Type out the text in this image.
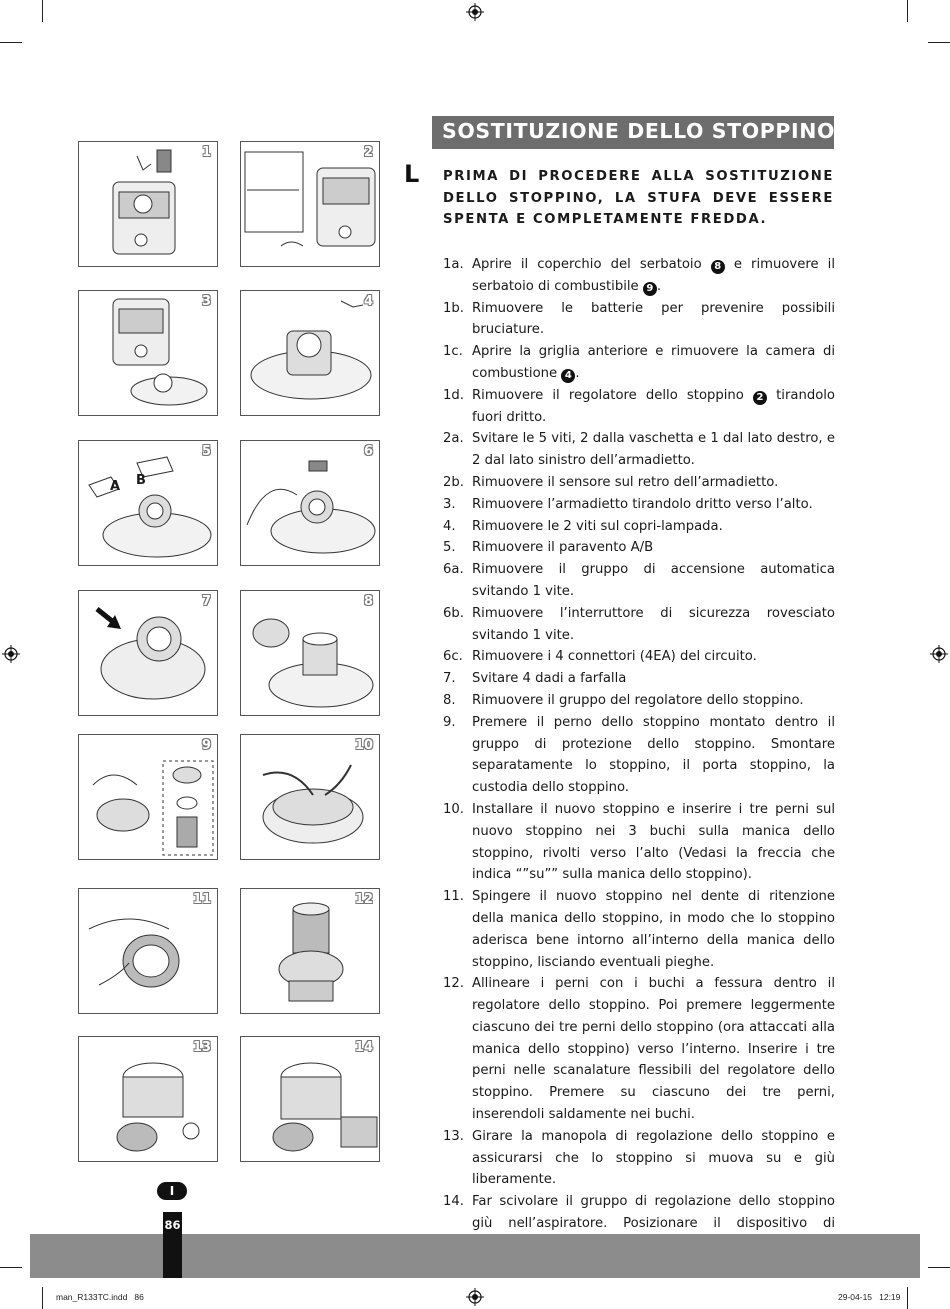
1	2
3	4
A B
5	6
7	8
9	10
11	12
13	14
SOSTITUZIONE DELLO STOPPINO
L PRIMA DI PROCEDERE ALLA SOSTITUZIONE DELLO STOPPINO, LA STUFA DEVE ESSERE SPENTA E COMPLETAMENTE FREDDA.
1a. Aprire il coperchio del serbatoio 8 e rimuovere il serbatoio di combustibile 9 .
1b. Rimuovere le batterie per prevenire possibili bruciature.
1c. Aprire la griglia anteriore e rimuovere la camera di combustione 4 .
1d. Rimuovere il regolatore dello stoppino 2 tirandolo fuori dritto.
2a. Svitare le 5 viti, 2 dalla vaschetta e 1 dal lato destro, e 2 dal lato sinistro dell’armadietto.
2b. Rimuovere il sensore sul retro dell’armadietto.
3.	Rimuovere l’armadietto tirandolo dritto verso l’alto.
4.	Rimuovere le 2 viti sul copri-lampada.
5.	Rimuovere il paravento A/B
6a. Rimuovere il gruppo di accensione automatica svitando 1 vite.
6b. Rimuovere l’interruttore di sicurezza rovesciato svitando 1 vite.
6c. Rimuovere i 4 connettori (4EA) del circuito.
7.	Svitare 4 dadi a farfalla
8.	Rimuovere il gruppo del regolatore dello stoppino.
9.	Premere il perno dello stoppino montato dentro il gruppo di protezione dello stoppino. Smontare separatamente lo stoppino, il porta stoppino, la custodia dello stoppino.
10. Installare il nuovo stoppino e inserire i tre perni sul nuovo stoppino nei 3 buchi sulla manica dello stoppino, rivolti verso l’alto (Vedasi la freccia che indica “”su”” sulla manica dello stoppino).
11. Spingere il nuovo stoppino nel dente di ritenzione della manica dello stoppino, in modo che lo stoppino aderisca bene intorno all’interno della manica dello stoppino, lisciando eventuali pieghe.
12. Allineare i perni con i buchi a fessura dentro il regolatore dello stoppino. Poi premere leggermente ciascuno dei tre perni dello stoppino (ora attaccati alla manica dello stoppino) verso l’interno. Inserire i tre perni nelle scanalature flessibili del regolatore dello stoppino. Premere su ciascuno dei tre perni, inserendoli saldamente nei buchi.
13. Girare la manopola di regolazione dello stoppino e assicurarsi che lo stoppino si muova su e giù liberamente.
14. Far scivolare il gruppo di regolazione dello stoppino giù nell’aspiratore. Posizionare il dispositivo di
I
86
man_R133TC.indd   86	29-04-15   12:19
